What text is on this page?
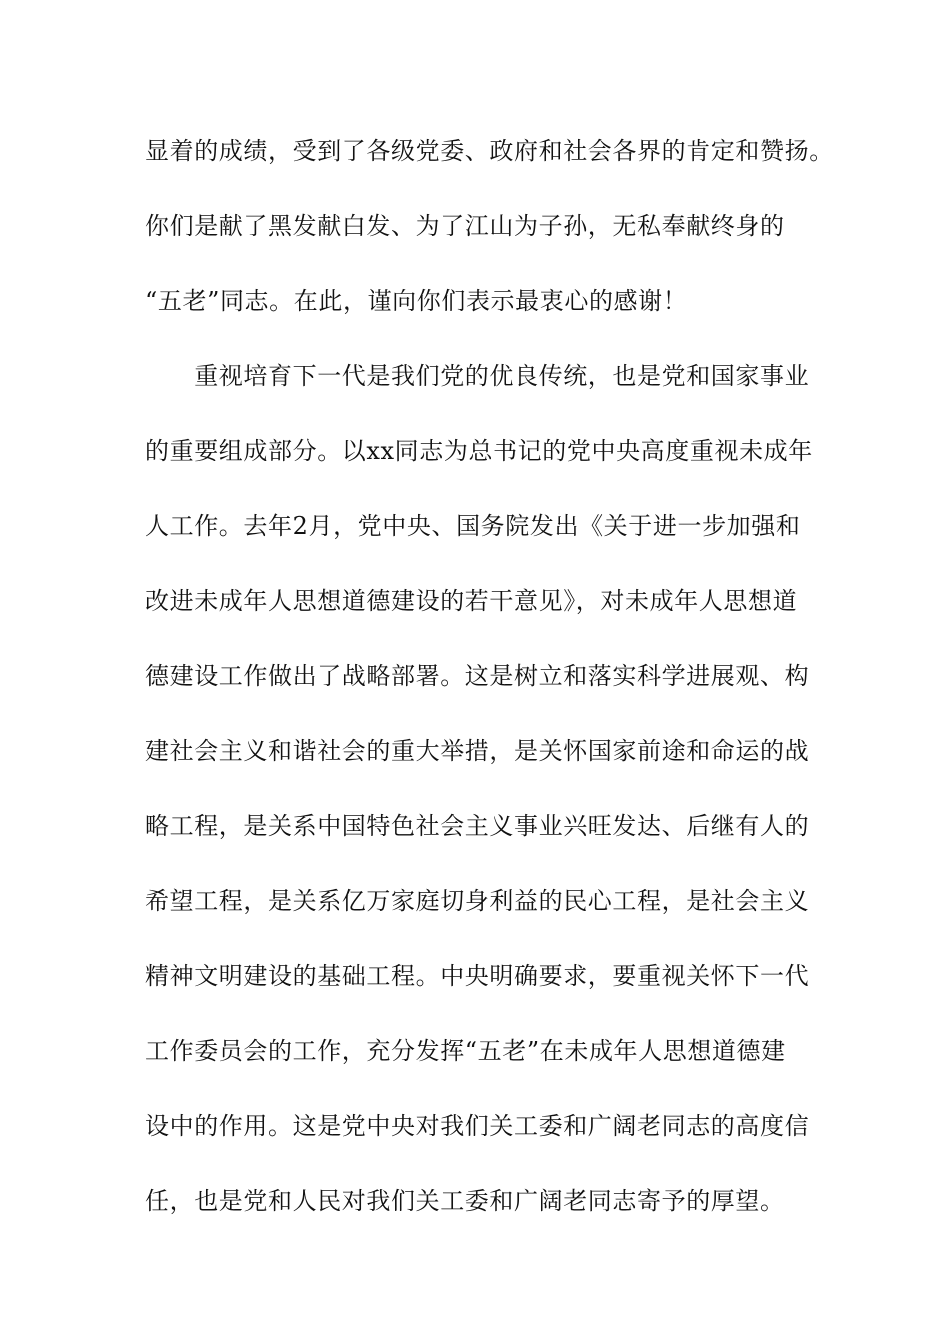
显着的成绩，受到了各级党委、政府和社会各界的肯定和赞扬。
你们是献了黑发献白发、为了江山为子孙，无私奉献终身的
“五老”同志。在此，谨向你们表示最衷心的感谢！
　　重视培育下一代是我们党的优良传统，也是党和国家事业
的重要组成部分。以xx同志为总书记的党中央高度重视未成年
人工作。去年2月，党中央、国务院发出《关于进一步加强和
改进未成年人思想道德建设的若干意见》，对未成年人思想道
德建设工作做出了战略部署。这是树立和落实科学进展观、构
建社会主义和谐社会的重大举措，是关怀国家前途和命运的战
略工程，是关系中国特色社会主义事业兴旺发达、后继有人的
希望工程，是关系亿万家庭切身利益的民心工程，是社会主义
精神文明建设的基础工程。中央明确要求，要重视关怀下一代
工作委员会的工作，充分发挥“五老”在未成年人思想道德建
设中的作用。这是党中央对我们关工委和广阔老同志的高度信
任，也是党和人民对我们关工委和广阔老同志寄予的厚望。
